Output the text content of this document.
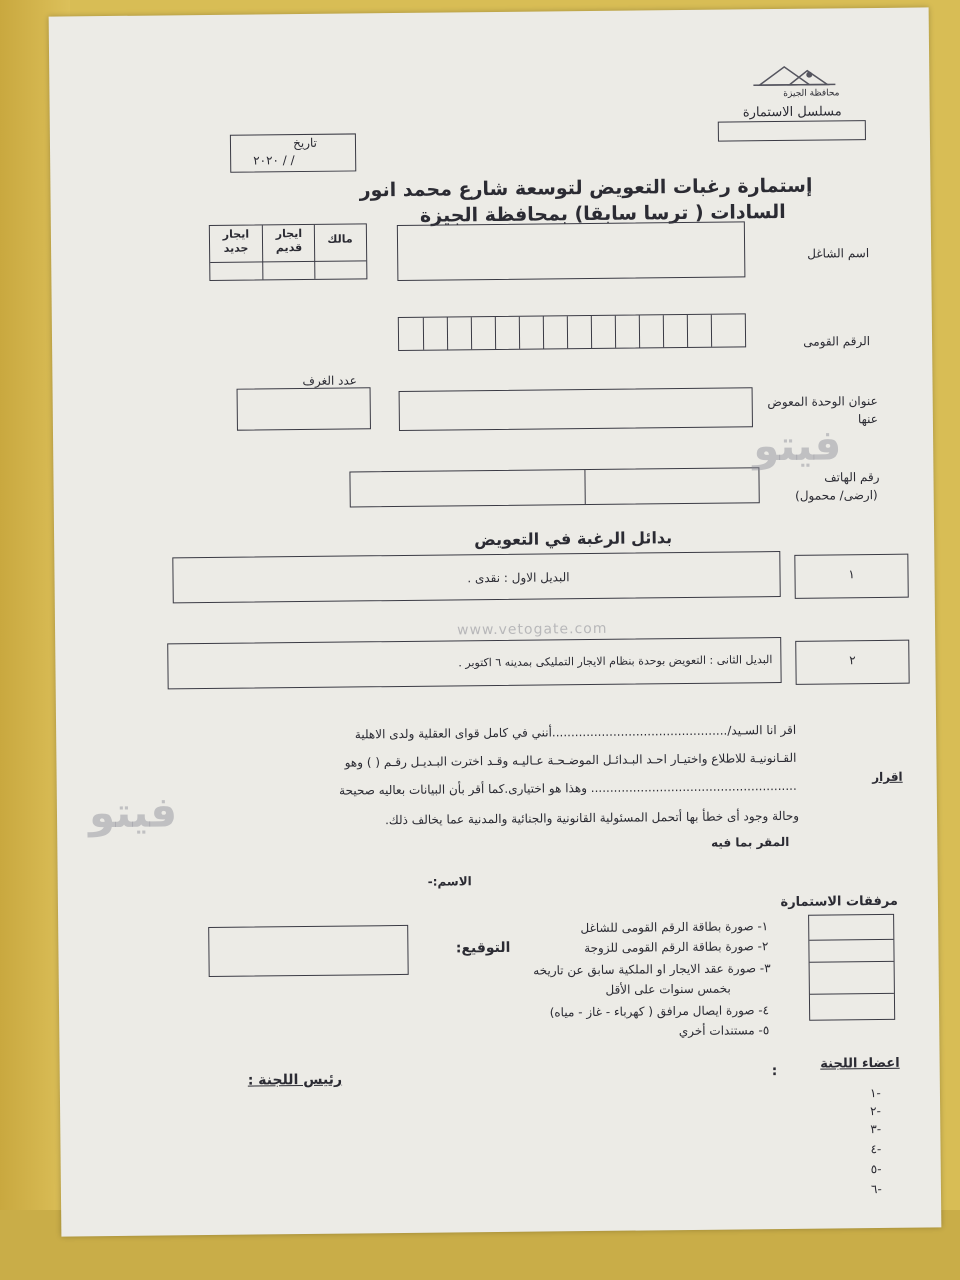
محافظة الجيزة
مسلسل الاستمارة
تاريخ
/ / ٢٠٢٠
إستمارة رغبات التعويض لتوسعة شارع محمد انور
السادات ( ترسا سابقا) بمحافظة الجيزة
ايجار جديد
ايجار قديم
مالك
اسم الشاغل
الرقم القومى
عدد الغرف
عنوان الوحدة المعوض عنها
رقم الهاتف
(ارضى/ محمول)
بدائل الرغبة في التعويض
البديل الاول : نقدى .	١
البديل الثانى : التعويض بوحدة بنظام الايجار التمليكى بمدينه ٦ اكتوبر .	٢
اقر انا السـيد/..............................................أنني في كامل قواى العقلية ولدى الاهلية
القـانونيـة للاطلاع واختيـار احـد البـدائـل الموضـحـة عـاليـه وقـد اخترت البـديـل رقـم ( ) وهو
اقرار
...................................................... وهذا هو اختيارى.كما أقر بأن البيانات بعاليه صحيحة
وحالة وجود أى خطأ بها أتحمل المسئولية القانونية والجنائية والمدنية عما يخالف ذلك.
المقر بما فيه
الاسم:-
التوقيع:
مرفقات الاستمارة
١- صورة بطاقة الرقم القومى للشاغل
٢- صورة بطاقة الرقم القومى للزوجة
٣- صورة عقد الايجار او الملكية سابق عن تاريخه
بخمس سنوات على الأقل
٤- صورة ايصال مرافق ( كهرباء - غاز - مياه)
٥- مستندات أخري
رئيس اللجنة :
:	اعضاء اللجنة
-١
-٢
-٣
-٤
-٥
-٦
فيتو
فيتو
www.vetogate.com
